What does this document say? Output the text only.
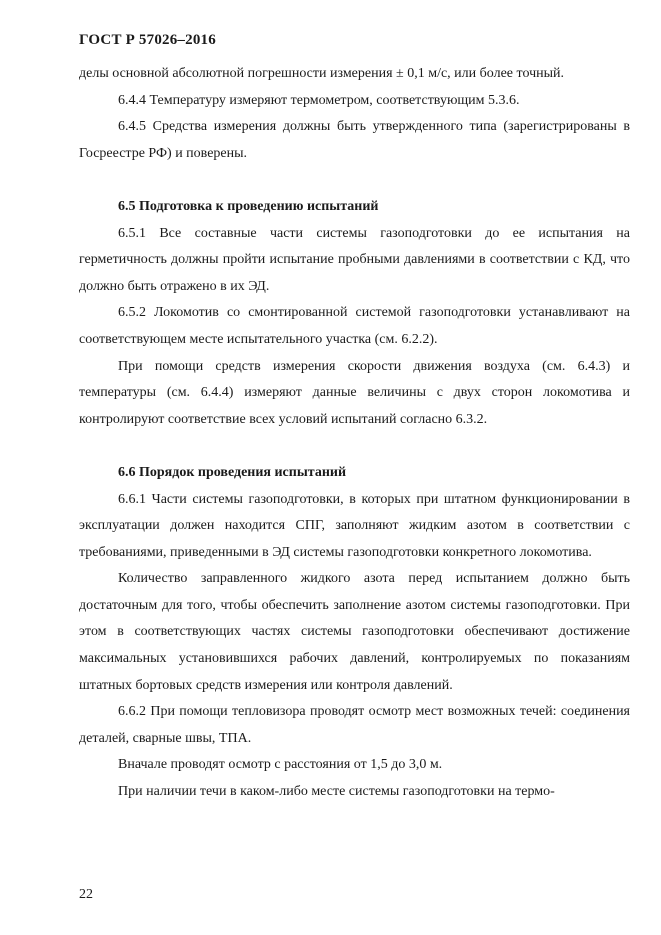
ГОСТ Р 57026–2016

делы основной абсолютной погрешности измерения ± 0,1 м/с, или более точный.

6.4.4 Температуру измеряют термометром, соответствующим 5.3.6.

6.4.5 Средства измерения должны быть утвержденного типа (зарегистрированы в Госреестре РФ) и поверены.

6.5 Подготовка к проведению испытаний

6.5.1 Все составные части системы газоподготовки до ее испытания на герметичность должны пройти испытание пробными давлениями в соответствии с КД, что должно быть отражено в их ЭД.

6.5.2 Локомотив со смонтированной системой газоподготовки устанавливают на соответствующем месте испытательного участка (см. 6.2.2).

При помощи средств измерения скорости движения воздуха (см. 6.4.3) и температуры (см. 6.4.4) измеряют данные величины с двух сторон локомотива и контролируют соответствие всех условий испытаний согласно 6.3.2.

6.6 Порядок проведения испытаний

6.6.1 Части системы газоподготовки, в которых при штатном функционировании в эксплуатации должен находится СПГ, заполняют жидким азотом в соответствии с требованиями, приведенными в ЭД системы газоподготовки конкретного локомотива.

Количество заправленного жидкого азота перед испытанием должно быть достаточным для того, чтобы обеспечить заполнение азотом системы газоподготовки. При этом в соответствующих частях системы газоподготовки обеспечивают достижение максимальных установившихся рабочих давлений, контролируемых по показаниям штатных бортовых средств измерения или контроля давлений.

6.6.2 При помощи тепловизора проводят осмотр мест возможных течей: соединения деталей, сварные швы, ТПА.

Вначале проводят осмотр с расстояния от 1,5 до 3,0 м.

При наличии течи в каком-либо месте системы газоподготовки на термо-

22
